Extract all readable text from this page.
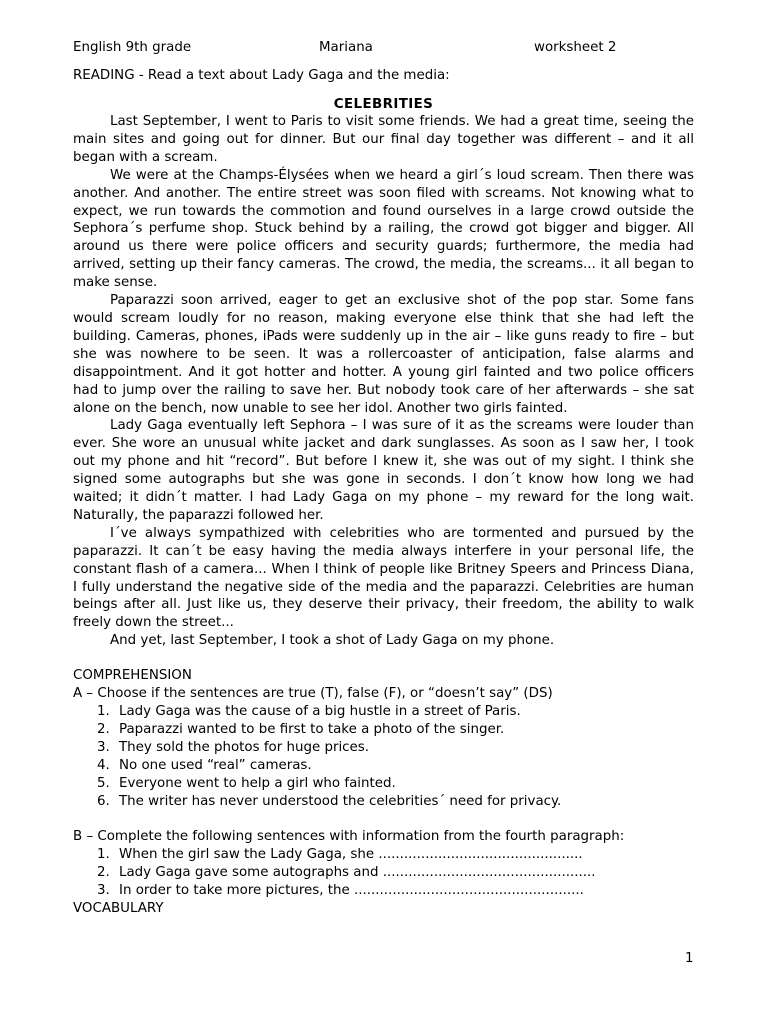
English 9th grade	Mariana	worksheet 2
READING - Read a text about Lady Gaga and the media:
CELEBRITIES

Last September, I went to Paris to visit some friends. We had a great time, seeing the main sites and going out for dinner. But our final day together was different – and it all began with a scream.

We were at the Champs-Élysées when we heard a girl´s loud scream. Then there was another. And another. The entire street was soon filed with screams. Not knowing what to expect, we run towards the commotion and found ourselves in a large crowd outside the Sephora´s perfume shop. Stuck behind by a railing, the crowd got bigger and bigger. All around us there were police officers and security guards; furthermore, the media had arrived, setting up their fancy cameras. The crowd, the media, the screams... it all began to make sense.

Paparazzi soon arrived, eager to get an exclusive shot of the pop star. Some fans would scream loudly for no reason, making everyone else think that she had left the building. Cameras, phones, iPads were suddenly up in the air – like guns ready to fire – but she was nowhere to be seen. It was a rollercoaster of anticipation, false alarms and disappointment. And it got hotter and hotter. A young girl fainted and two police officers had to jump over the railing to save her. But nobody took care of her afterwards – she sat alone on the bench, now unable to see her idol. Another two girls fainted.

Lady Gaga eventually left Sephora – I was sure of it as the screams were louder than ever. She wore an unusual white jacket and dark sunglasses. As soon as I saw her, I took out my phone and hit “record”. But before I knew it, she was out of my sight. I think she signed some autographs but she was gone in seconds. I don´t know how long we had waited; it didn´t matter. I had Lady Gaga on my phone – my reward for the long wait. Naturally, the paparazzi followed her.

I´ve always sympathized with celebrities who are tormented and pursued by the paparazzi. It can´t be easy having the media always interfere in your personal life, the constant flash of a camera... When I think of people like Britney Speers and Princess Diana, I fully understand the negative side of the media and the paparazzi. Celebrities are human beings after all. Just like us, they deserve their privacy, their freedom, the ability to walk freely down the street...

And yet, last September, I took a shot of Lady Gaga on my phone.

COMPREHENSION
A – Choose if the sentences are true (T), false (F), or “doesn’t say” (DS)
1. Lady Gaga was the cause of a big hustle in a street of Paris.
2. Paparazzi wanted to be first to take a photo of the singer.
3. They sold the photos for huge prices.
4. No one used “real” cameras.
5. Everyone went to help a girl who fainted.
6. The writer has never understood the celebrities´ need for privacy.
B – Complete the following sentences with information from the fourth paragraph:
1. When the girl saw the Lady Gaga, she ................................................
2. Lady Gaga gave some autographs and ..................................................
3. In order to take more pictures, the ......................................................
VOCABULARY
1
